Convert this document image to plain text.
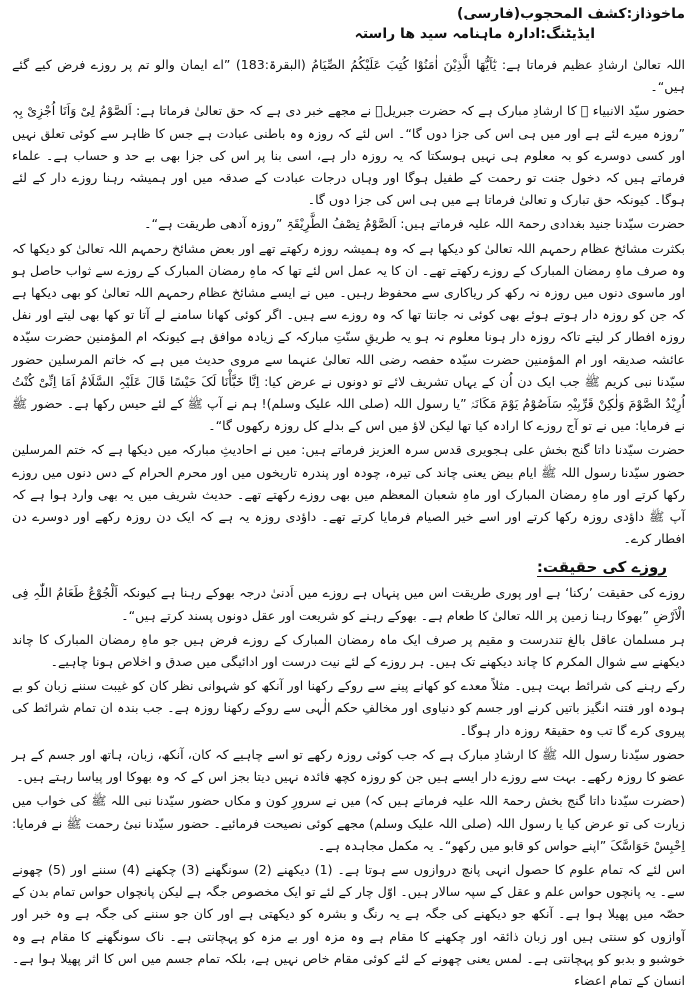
ماخوذاز:کشف المحجوب(فارسی)
ایڈیٹنگ:ادارہ ماہنامہ سید ھا راستہ

اللہ تعالیٰ ارشادِ عظیم فرماتا ہے: یٰٓاَیُّھَا الَّذِیْنَ اٰمَنُوْا کُتِبَ عَلَیْکُمُ الصِّیَامُ (البقرۃ:183) ”اے ایمان والو تم پر روزے فرض کیے گئے ہیں“۔

حضور سیّد الانبیاء ﷺ کا ارشادِ مبارک ہے کہ حضرت جبریلؑ نے مجھے خبر دی ہے کہ حق تعالیٰ فرماتا ہے: اَلصَّوْمُ لِیْ وَاَنَا اُجْزِیْ بِہٖ ”روزہ میرے لئے ہے اور میں ہی اس کی جزا دوں گا“۔ اس لئے کہ روزہ وہ باطنی عبادت ہے جس کا ظاہر سے کوئی تعلق نہیں اور کسی دوسرے کو بہ معلوم ہی نہیں ہوسکتا کہ یہ روزہ دار ہے، اسی بنا پر اس کی جزا بھی بے حد و حساب ہے۔ علماء فرماتے ہیں کہ دخول جنت تو رحمت کے طفیل ہوگا اور وہاں درجات عبادت کے صدقہ میں اور ہمیشہ رہنا روزے دار کے لئے ہوگا۔ کیونکہ حق تبارک و تعالیٰ فرماتا ہے میں ہی اس کی جزا دوں گا۔

حضرت سیّدنا جنید بغدادی رحمۃ اللہ علیہ فرماتے ہیں: اَلصَّوْمُ نِصْفُ الطَّرِیْقَۃِ ”روزہ آدھی طریقت ہے“۔

بکثرت مشائخ عظام رحمہم اللہ تعالیٰ کو دیکھا ہے کہ وہ ہمیشہ روزہ رکھتے تھے اور بعض مشائخ رحمہم اللہ تعالیٰ کو دیکھا کہ وہ صرف ماہِ رمضان المبارک کے روزے رکھتے تھے۔ ان کا یہ عمل اس لئے تھا کہ ماہِ رمضان المبارک کے روزے سے ثواب حاصل ہو اور ماسوی دنوں میں روزہ نہ رکھ کر ریاکاری سے محفوظ رہیں۔ میں نے ایسے مشائخ عظام رحمہم اللہ تعالیٰ کو بھی دیکھا ہے کہ جن کو روزہ دار ہوتے ہوئے بھی کوئی نہ جانتا تھا کہ وہ روزے سے ہیں۔ اگر کوئی کھانا سامنے لے آتا تو کھا بھی لیتے اور نفل روزہ افطار کر لیتے تاکہ روزہ دار ہونا معلوم نہ ہو یہ طریقِ سنّتِ مبارکہ کے زیادہ موافق ہے کیونکہ ام المؤمنین حضرت سیّدہ عائشہ صدیقہ اور ام المؤمنین حضرت سیّدہ حفصہ رضی اللہ تعالیٰ عنہما سے مروی حدیث میں ہے کہ خاتم المرسلین حضور سیّدنا نبی کریم ﷺ جب ایک دن اُن کے یہاں تشریف لائے تو دونوں نے عرض کیا: اِنَّا خَبَّأْنَا لَکَ حَیْسًا قَالَ عَلَیْہِ السَّلَامُ اَمَا اِنِّیْ کُنْتُ اُرِیْدُ الصَّوْمَ وَلٰکِنْ قَرِّبِیْہِ سَاَصُوْمُ یَوْمَ مَکَانَہٗ ”یا رسول اللہ (صلی اللہ علیک وسلم)! ہم نے آپ ﷺ کے لئے حیس رکھا ہے۔ حضور ﷺ نے فرمایا: میں نے تو آج روزے کا ارادہ کیا تھا لیکن لاؤ میں اس کے بدلے کل روزہ رکھوں گا“۔

حضرت سیّدنا داتا گنج بخش علی ہجویری قدس سرہ العزیز فرماتے ہیں: میں نے احادیثِ مبارکہ میں دیکھا ہے کہ ختم المرسلین حضور سیّدنا رسول اللہ ﷺ ایام بیض یعنی چاند کی تیرہ، چودہ اور پندرہ تاریخوں میں اور محرم الحرام کے دس دنوں میں روزے رکھا کرتے اور ماہِ رمضان المبارک اور ماہِ شعبان المعظم میں بھی روزے رکھتے تھے۔ حدیث شریف میں یہ بھی وارد ہوا ہے کہ آپ ﷺ داؤدی روزہ رکھا کرتے اور اسے خیر الصیام فرمایا کرتے تھے۔ داؤدی روزہ یہ ہے کہ ایک دن روزہ رکھے اور دوسرے دن افطار کرے۔

روزے کی حقیقت:

روزے کی حقیقت ’رکنا‘ ہے اور پوری طریقت اس میں پنہاں ہے روزے میں اَدنیٰ درجہ بھوکے رہنا ہے کیونکہ اَلْجُوْعُ طَعَامُ اللّٰہِ فِی الْاَرْضِ ”بھوکا رہنا زمین پر اللہ تعالیٰ کا طعام ہے۔ بھوکے رہنے کو شریعت اور عقل دونوں پسند کرتے ہیں“۔

ہر مسلمان عاقل بالغ تندرست و مقیم پر صرف ایک ماہ رمضان المبارک کے روزے فرض ہیں جو ماہِ رمضان المبارک کا چاند دیکھنے سے شوال المکرم کا چاند دیکھنے تک ہیں۔ ہر روزے کے لئے نیت درست اور ادائیگی میں صدق و اخلاص ہونا چاہیے۔

رکے رہنے کی شرائط بہت ہیں۔ مثلاً معدے کو کھانے پینے سے روکے رکھنا اور آنکھ کو شہوانی نظر کان کو غیبت سننے زبان کو بے ہودہ اور فتنہ انگیز باتیں کرنے اور جسم کو دنیاوی اور مخالفِ حکم الٰہی سے روکے رکھنا روزہ ہے۔ جب بندہ ان تمام شرائط کی پیروی کرے گا تب وہ حقیقۃً روزہ دار ہوگا۔

حضور سیّدنا رسول اللہ ﷺ کا ارشادِ مبارک ہے کہ جب کوئی روزہ رکھے تو اسے چاہیے کہ کان، آنکھ، زبان، ہاتھ اور جسم کے ہر عضو کا روزہ رکھے۔ بہت سے روزے دار ایسے ہیں جن کو روزہ کچھ فائدہ نہیں دیتا بجز اس کے کہ وہ بھوکا اور پیاسا رہتے ہیں۔

(حضرت سیّدنا داتا گنج بخش رحمۃ اللہ علیہ فرماتے ہیں کہ) میں نے سرورِ کون و مکاں حضور سیّدنا نبی اللہ ﷺ کی خواب میں زیارت کی تو عرض کیا یا رسول اللہ (صلی اللہ علیک وسلم) مجھے کوئی نصیحت فرمائیے۔ حضور سیّدنا نبیٔ رحمت ﷺ نے فرمایا: اِحْبِسْ حَوَاسَّکَ ”اپنے حواس کو قابو میں رکھو“۔ یہ مکمل مجاہدہ ہے۔

اس لئے کہ تمام علوم کا حصول انہی پانچ دروازوں سے ہوتا ہے۔ (1) دیکھنے (2) سونگھنے (3) چکھنے (4) سننے اور (5) چھونے سے۔ یہ پانچوں حواس علم و عقل کے سپہ سالار ہیں۔ اوّل چار کے لئے تو ایک مخصوص جگہ ہے لیکن پانچواں حواس تمام بدن کے حصّہ میں پھیلا ہوا ہے۔ آنکھ جو دیکھنے کی جگہ ہے یہ رنگ و بشرہ کو دیکھتی ہے اور کان جو سننے کی جگہ ہے وہ خبر اور آوازوں کو سنتی ہیں اور زبان ذائقہ اور چکھنے کا مقام ہے وہ مزہ اور بے مزہ کو پہچانتی ہے۔ ناک سونگھنے کا مقام ہے وہ خوشبو و بدبو کو پہچانتی ہے۔ لمس یعنی چھونے کے لئے کوئی مقام خاص نہیں ہے، بلکہ تمام جسم میں اس کا اثر پھیلا ہوا ہے۔ انسان کے تمام اعضاء
